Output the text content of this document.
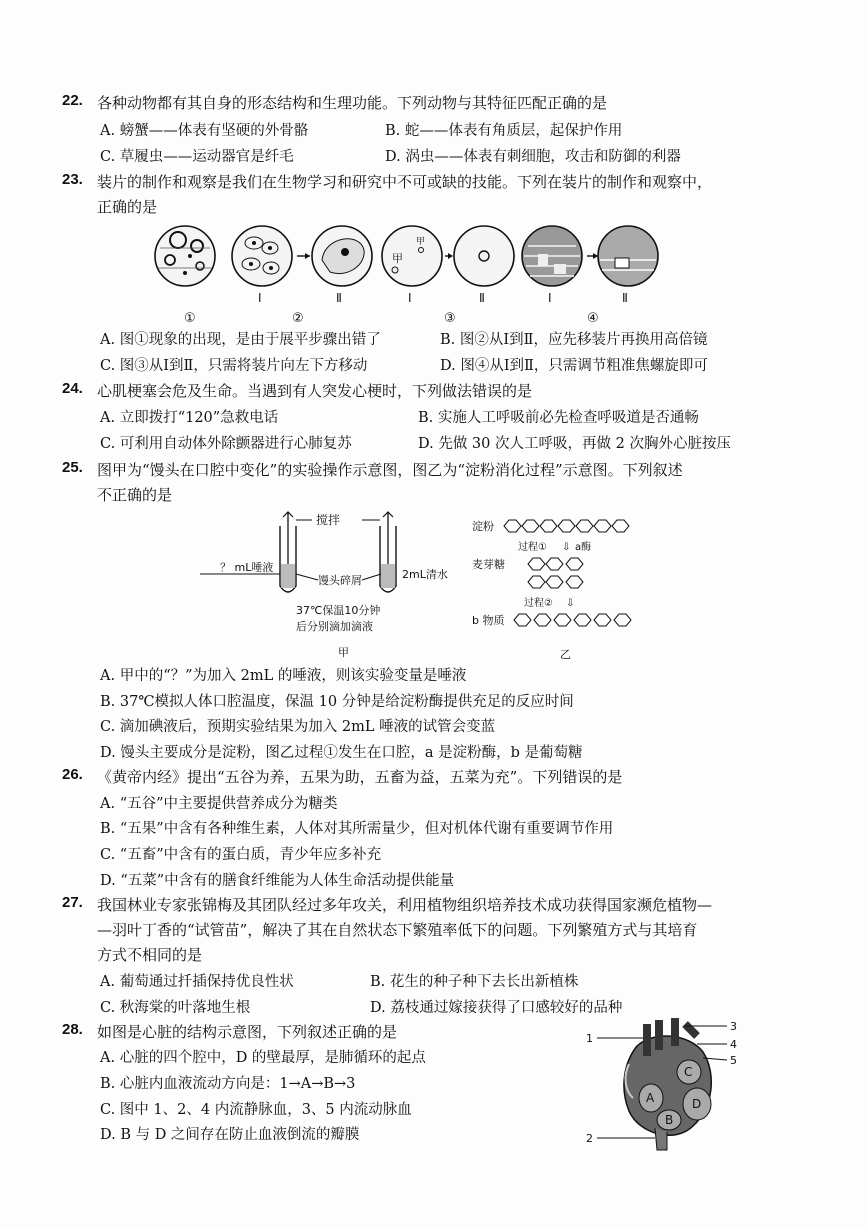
22. 各种动物都有其自身的形态结构和生理功能。下列动物与其特征匹配正确的是
A. 螃蟹——体表有坚硬的外骨骼	B. 蛇——体表有角质层，起保护作用
C. 草履虫——运动器官是纤毛	D. 涡虫——体表有刺细胞，攻击和防御的利器
23. 装片的制作和观察是我们在生物学习和研究中不可或缺的技能。下列在装片的制作和观察中，
正确的是
甲
甲
Ⅰ	Ⅱ	Ⅰ	Ⅱ	Ⅰ	Ⅱ
①	②	③	④
A. 图①现象的出现，是由于展平步骤出错了	B. 图②从Ⅰ到Ⅱ，应先移装片再换用高倍镜
C. 图③从Ⅰ到Ⅱ，只需将装片向左下方移动	D. 图④从Ⅰ到Ⅱ，只需调节粗准焦螺旋即可
24. 心肌梗塞会危及生命。当遇到有人突发心梗时，下列做法错误的是
A. 立即拨打“120”急救电话	B. 实施人工呼吸前必先检查呼吸道是否通畅
C. 可利用自动体外除颤器进行心肺复苏	D. 先做 30 次人工呼吸，再做 2 次胸外心脏按压
25. 图甲为“馒头在口腔中变化”的实验操作示意图，图乙为“淀粉消化过程”示意图。下列叙述
不正确的是
搅拌
？ mL唾液
馒头碎屑	2mL清水
37℃保温10分钟
后分别滴加滴液
甲
淀粉
过程① ⇩ a酶
麦芽糖
过程② ⇩
b 物质
乙
A. 甲中的“？”为加入 2mL 的唾液，则该实验变量是唾液
B. 37℃模拟人体口腔温度，保温 10 分钟是给淀粉酶提供充足的反应时间
C. 滴加碘液后，预期实验结果为加入 2mL 唾液的试管会变蓝
D. 馒头主要成分是淀粉，图乙过程①发生在口腔，a 是淀粉酶，b 是葡萄糖
26. 《黄帝内经》提出“五谷为养，五果为助，五畜为益，五菜为充”。下列错误的是
A. “五谷”中主要提供营养成分为糖类
B. “五果”中含有各种维生素，人体对其所需量少，但对机体代谢有重要调节作用
C. “五畜”中含有的蛋白质，青少年应多补充
D. “五菜”中含有的膳食纤维能为人体生命活动提供能量
27. 我国林业专家张锦梅及其团队经过多年攻关，利用植物组织培养技术成功获得国家濒危植物—
—羽叶丁香的“试管苗”，解决了其在自然状态下繁殖率低下的问题。下列繁殖方式与其培育
方式不相同的是
A. 葡萄通过扦插保持优良性状	B. 花生的种子种下去长出新植株
C. 秋海棠的叶落地生根	D. 荔枝通过嫁接获得了口感较好的品种
28. 如图是心脏的结构示意图，下列叙述正确的是
A. 心脏的四个腔中，D 的壁最厚，是肺循环的起点
B. 心脏内血液流动方向是：1→A→B→3
C. 图中 1、2、4 内流静脉血，3、5 内流动脉血
D. B 与 D 之间存在防止血液倒流的瓣膜
1
2
3
4
5
A
B
C
D
